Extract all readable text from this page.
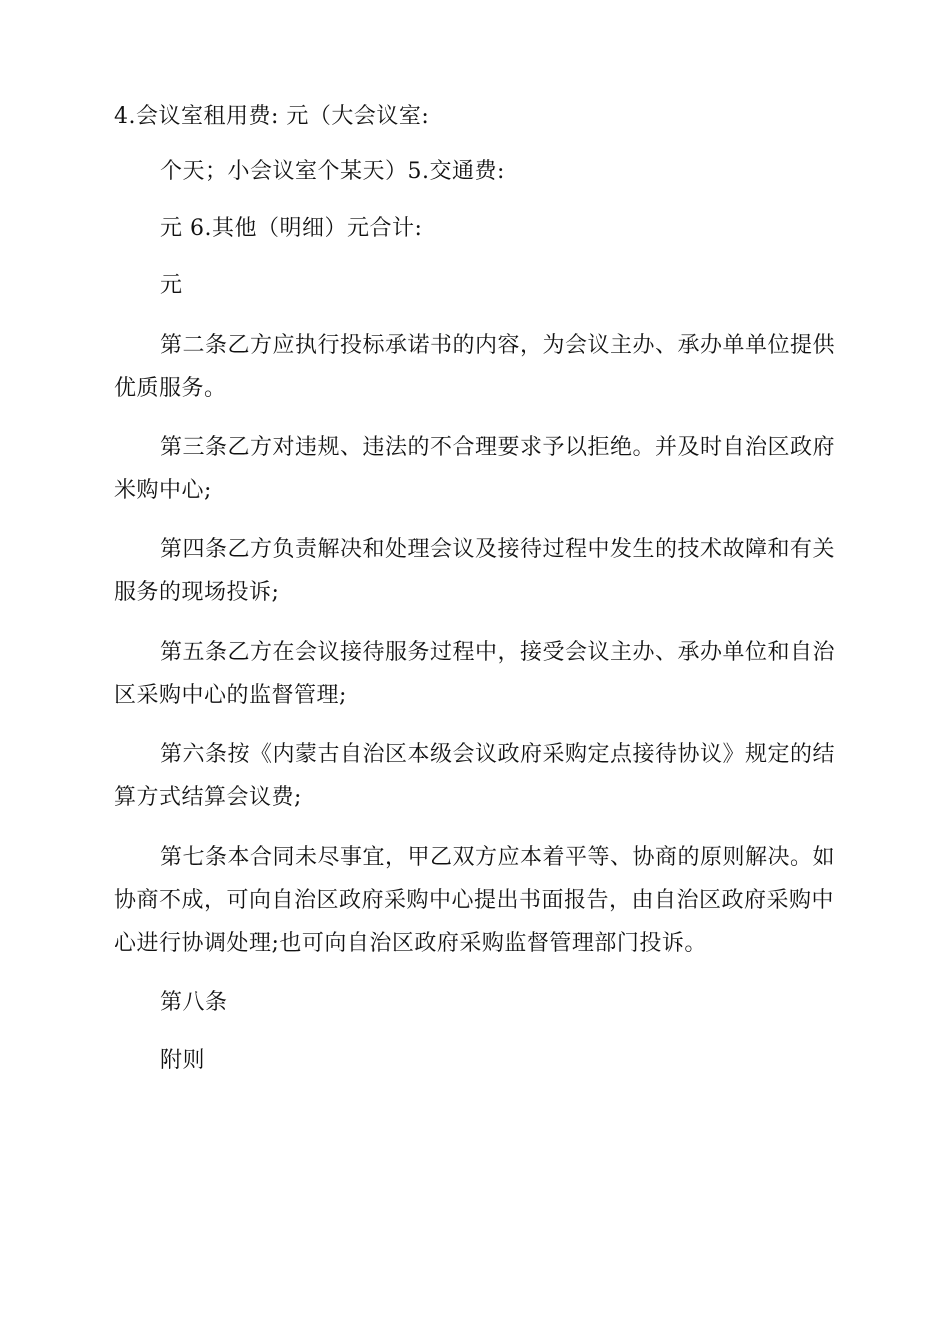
4.会议室租用费: 元（大会议室:
个天；小会议室个某天）5.交通费:
元 6.其他（明细）元合计:
元
第二条乙方应执行投标承诺书的内容，为会议主办、承办单单位提供
优质服务。
第三条乙方对违规、违法的不合理要求予以拒绝。并及时自治区政府
米购中心;
第四条乙方负责解决和处理会议及接待过程中发生的技术故障和有关
服务的现场投诉;
第五条乙方在会议接待服务过程中，接受会议主办、承办单位和自治
区采购中心的监督管理;
第六条按《内蒙古自治区本级会议政府采购定点接待协议》规定的结
算方式结算会议费;
第七条本合同未尽事宜，甲乙双方应本着平等、协商的原则解决。如
协商不成，可向自治区政府采购中心提出书面报告，由自治区政府采购中
心进行协调处理;也可向自治区政府采购监督管理部门投诉。
第八条
附则
